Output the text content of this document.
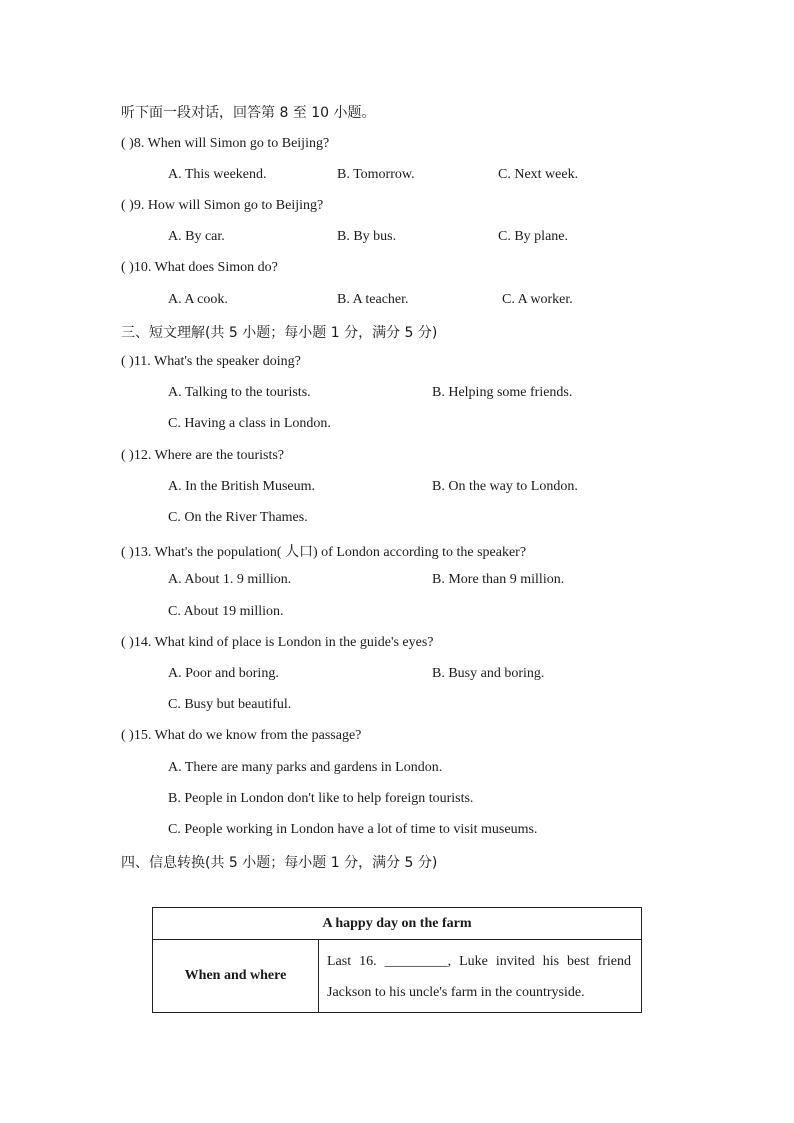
听下面一段对话，回答第 8 至 10 小题。
( )8. When will Simon go to Beijing?
A. This weekend.	B. Tomorrow.	C. Next week.
( )9. How will Simon go to Beijing?
A. By car.	B. By bus.	C. By plane.
( )10. What does Simon do?
A. A cook.	B. A teacher.	C. A worker.
三、短文理解(共 5 小题；每小题 1 分，满分 5 分)
( )11. What's the speaker doing?
A. Talking to the tourists.	B. Helping some friends.
C. Having a class in London.
( )12. Where are the tourists?
A. In the British Museum.	B. On the way to London.
C. On the River Thames.
( )13. What's the population( 人口) of London according to the speaker?
A. About 1. 9 million.	B. More than 9 million.
C. About 19 million.
( )14. What kind of place is London in the guide's eyes?
A. Poor and boring.	B. Busy and boring.
C. Busy but beautiful.
( )15. What do we know from the passage?
A. There are many parks and gardens in London.
B. People in London don't like to help foreign tourists.
C. People working in London have a lot of time to visit museums.
四、信息转换(共 5 小题；每小题 1 分，满分 5 分)
A happy day on the farm
When and where	Last 16. _________, Luke invited his best friend Jackson to his uncle's farm in the countryside.
